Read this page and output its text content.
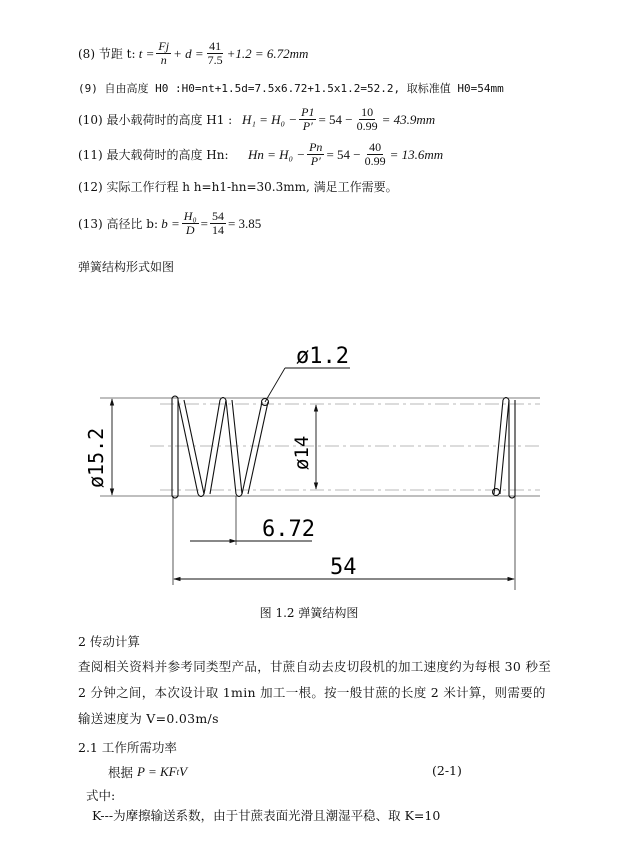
(8) 节距 t:
$t = \frac{Fj}{n} + d = \frac{41}{7.5} +1.2 = 6.72mm$
(9) 自由高度 H0 :H0=nt+1.5d=7.5x6.72+1.5x1.2=52.2, 取标准值 H0=54mm
(10) 最小载荷时的高度 H1 :
$H_1 = H_0 - \frac{P1}{P'} = 54 - \frac{10}{0.99} = 43.9mm$
(11) 最大载荷时的高度 Hn:
$Hn = H_0 - \frac{Pn}{P'} = 54 - \frac{40}{0.99} = 13.6mm$
(12) 实际工作行程 h h=h1-hn=30.3mm, 满足工作需要。
(13) 高径比 b:
$b = \frac{\text{H₀}}{D} = \frac{54}{14} = 3.85$
弹簧结构形式如图
ø1.2
ø15.2	ø14
6.72
54
图 1.2 弹簧结构图
2 传动计算
查阅相关资料并参考同类型产品，甘蔗自动去皮切段机的加工速度约为每根 30 秒至 2 分钟之间，本次设计取 1min 加工一根。按一般甘蔗的长度 2 米计算，则需要的输送速度为 V=0.03m/s
2.1 工作所需功率
根据
P = KF t V	(2-1)
式中:
K---为摩擦输送系数，由于甘蔗表面光滑且潮湿平稳、取 K=10
